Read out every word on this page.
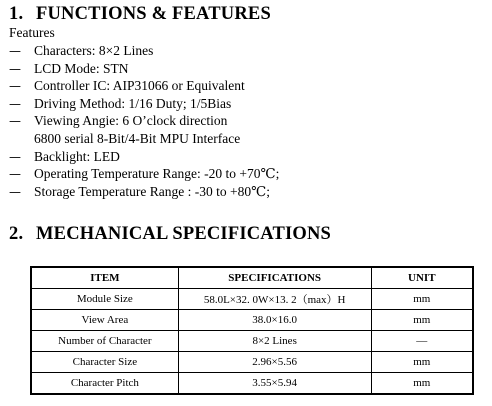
1. FUNCTIONS & FEATURES
Features
— Characters: 8×2 Lines
— LCD Mode: STN
— Controller IC: AIP31066 or Equivalent
— Driving Method: 1/16 Duty; 1/5Bias
— Viewing Angie: 6 O’clock direction
6800 serial 8-Bit/4-Bit MPU Interface
— Backlight: LED
— Operating Temperature Range: -20 to +70℃;
— Storage Temperature Range : -30 to +80℃;
2. MECHANICAL SPECIFICATIONS
ITEM	SPECIFICATIONS	UNIT
Module Size	58.0L×32. 0W×13. 2（max）H	mm
View Area	38.0×16.0	mm
Number of Character	8×2 Lines	—
Character Size	2.96×5.56	mm
Character Pitch	3.55×5.94	mm
